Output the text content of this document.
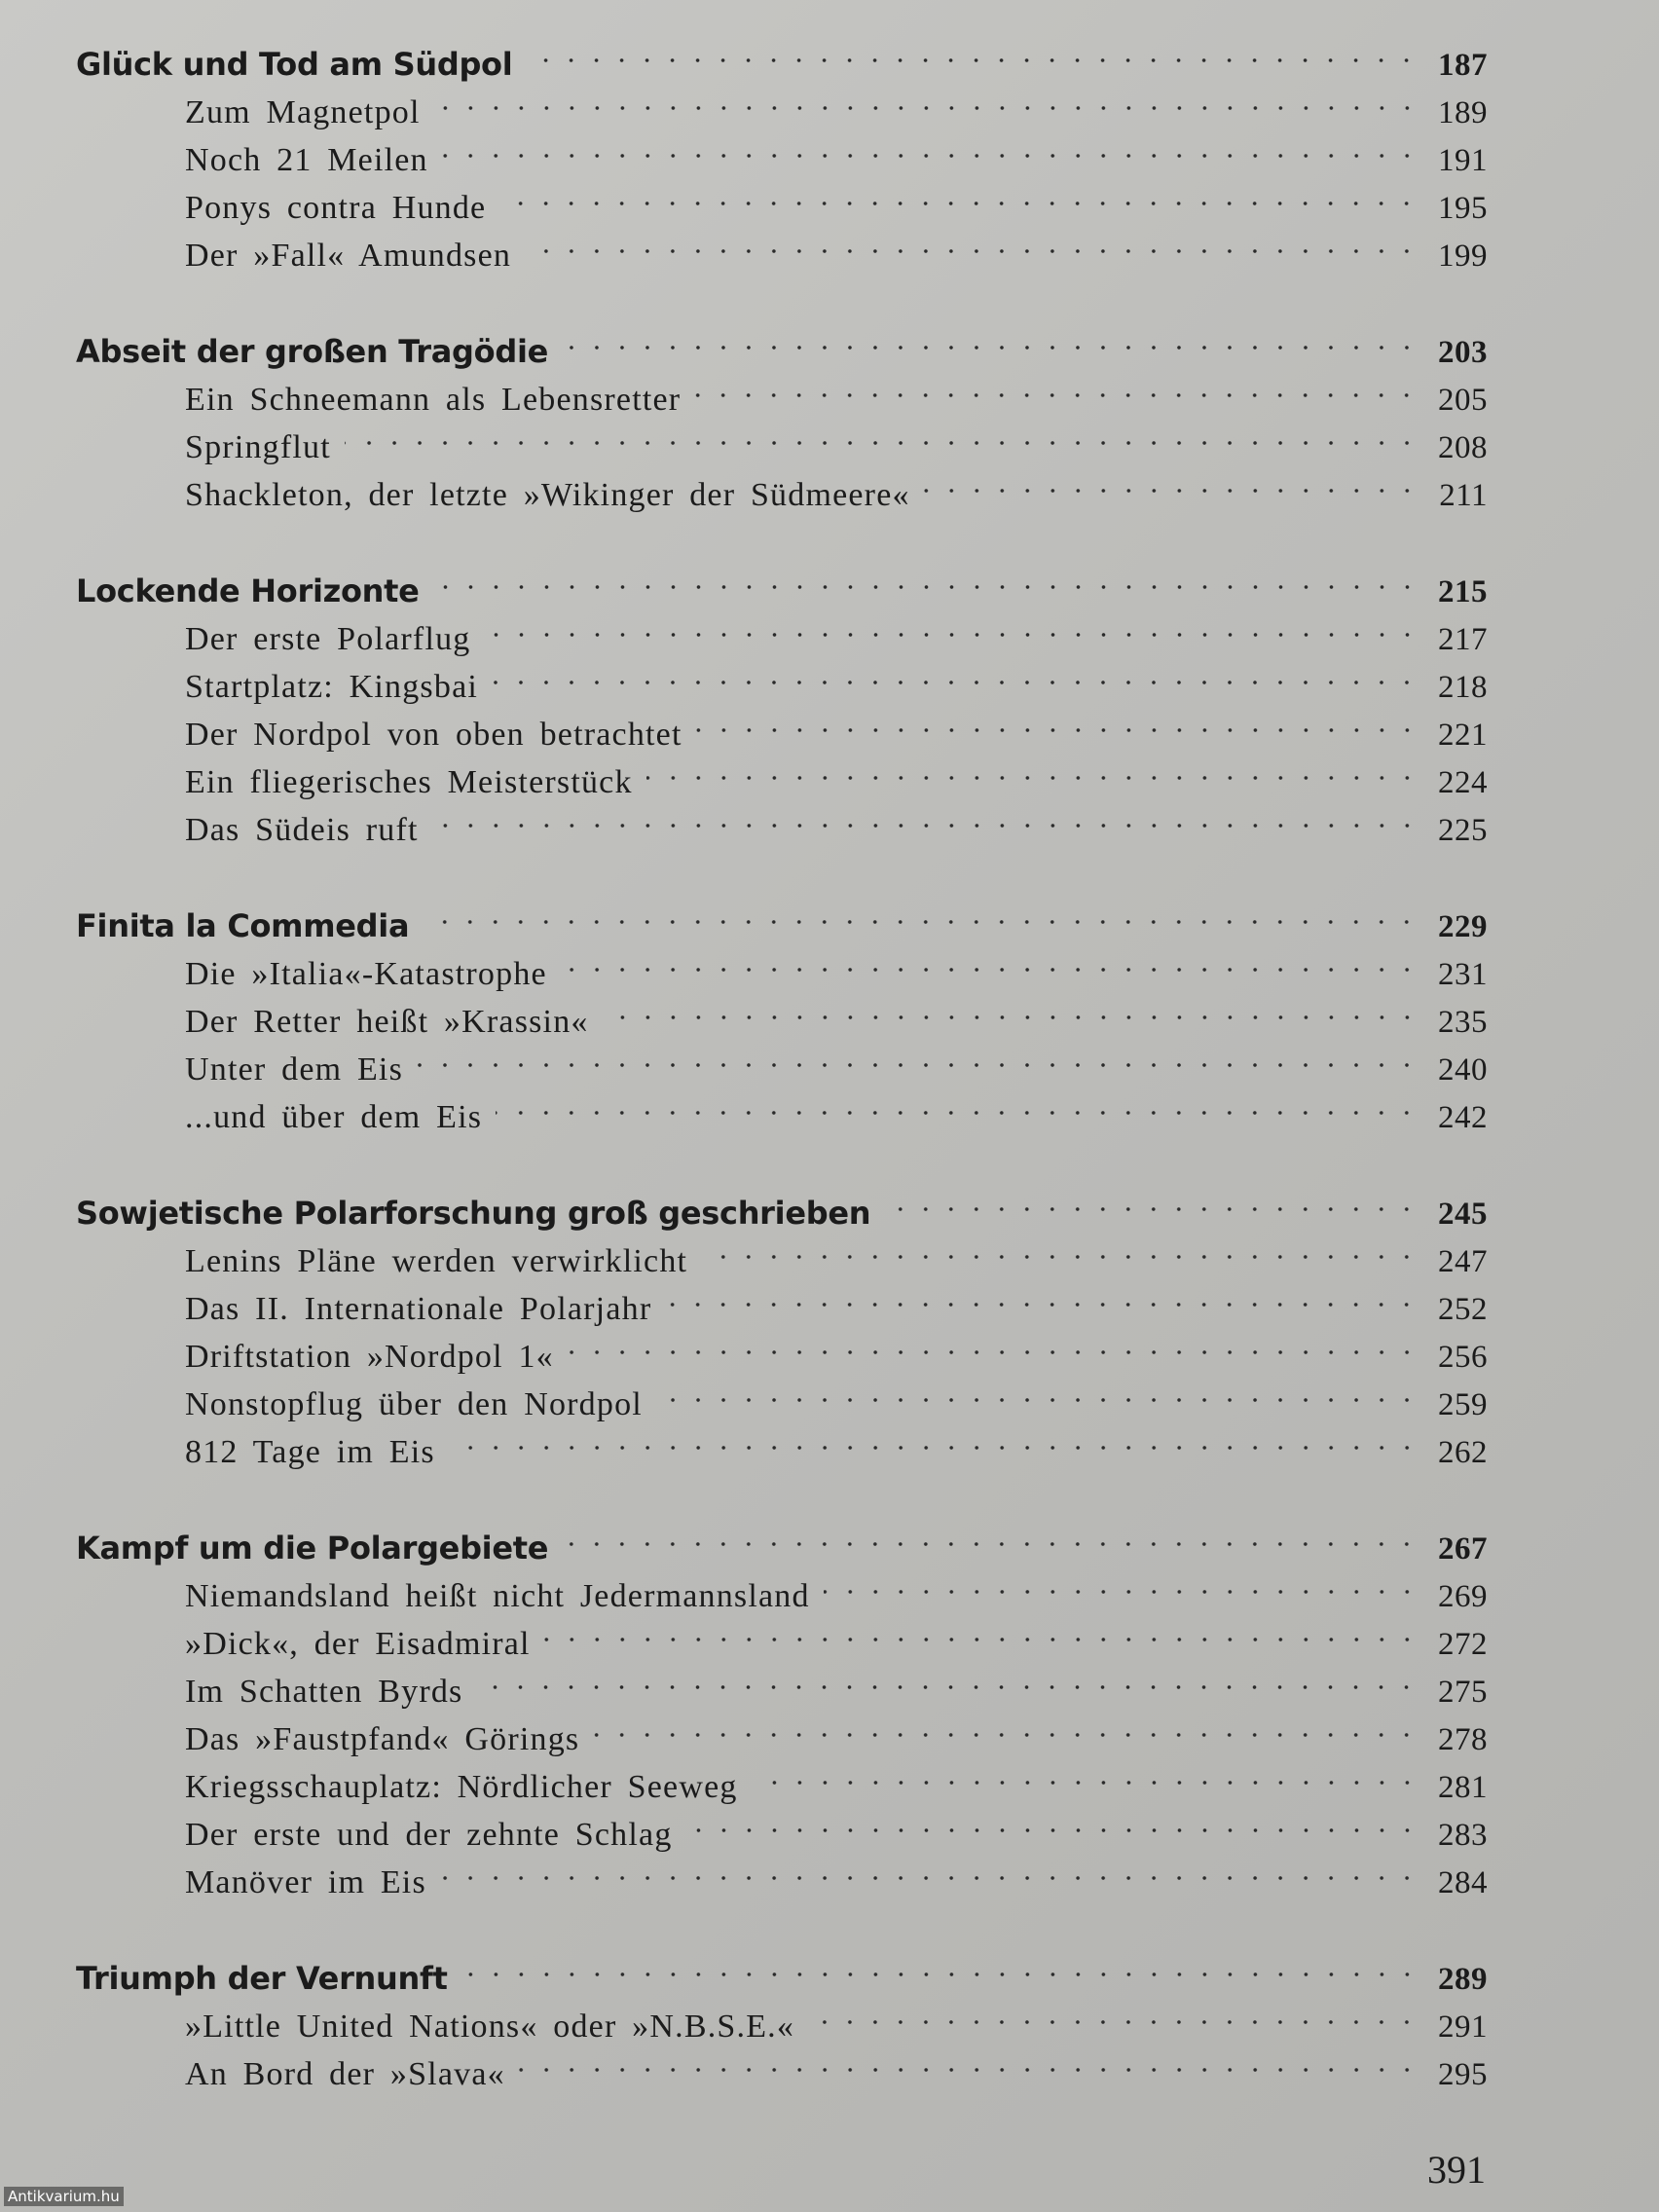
Glück und Tod am Südpol	187
Zum Magnetpol	189
Noch 21 Meilen	191
Ponys contra Hunde	195
Der »Fall« Amundsen	199
Abseit der großen Tragödie	203
Ein Schneemann als Lebensretter	205
Springflut	208
Shackleton, der letzte »Wikinger der Südmeere«	211
Lockende Horizonte	215
Der erste Polarflug	217
Startplatz: Kingsbai	218
Der Nordpol von oben betrachtet	221
Ein fliegerisches Meisterstück	224
Das Südeis ruft	225
Finita la Commedia	229
Die »Italia«-Katastrophe	231
Der Retter heißt »Krassin«	235
Unter dem Eis	240
...und über dem Eis	242
Sowjetische Polarforschung groß geschrieben	245
Lenins Pläne werden verwirklicht	247
Das II. Internationale Polarjahr	252
Driftstation »Nordpol 1«	256
Nonstopflug über den Nordpol	259
812 Tage im Eis	262
Kampf um die Polargebiete	267
Niemandsland heißt nicht Jedermannsland	269
»Dick«, der Eisadmiral	272
Im Schatten Byrds	275
Das »Faustpfand« Görings	278
Kriegsschauplatz: Nördlicher Seeweg	281
Der erste und der zehnte Schlag	283
Manöver im Eis	284
Triumph der Vernunft	289
»Little United Nations« oder »N.B.S.E.«	291
An Bord der »Slava«	295
391
Antikvarium.hu
